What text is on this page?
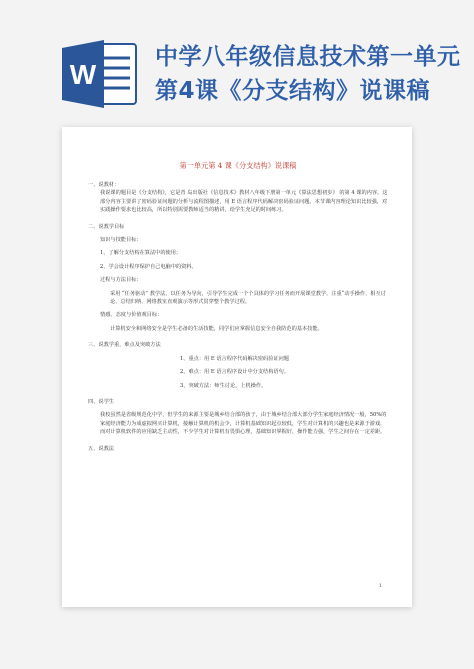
W
中学八年级信息技术第一单元
第4课《分支结构》说课稿
第一单元第 4 课《分支结构》说课稿

一、说教材：

我说课的题目是《分支结构》，它是青 岛出版社《信息技术》教材八年级下册第一单元《算法思想初步》 的第 4 课的内容。这部分内容主要讲了密码验证问题的分析与流程图描述，用 E 语言程序代码解决密码验证问题。本节课内容理论知识比较强，对实践操作要求也比较高，所以特别需要教师适当的精讲，给学生充足的时间练习。

二、说教学目标

知识与技能目标：

1、了解分支结构在算法中的使用；

2、学会设计程序保护自己电脑中的资料。

过程与方法目标：

采用 “任务驱动” 教学法，以任务为导向，引导学生完成一个个具体的学习任务而开展课堂教学，注重“动手操作、相互讨论、总结归纳、网络教室直观演示等形式贯穿整个教学过程。

情感、态度与价值观目标：

计算机安全和网络安全是学生必备的生活技能，同学们应掌握信息安全自我防范的基本技能。

三、说教学重、难点及突破方法

1、重点：用 E 语言程序代码解决密码验证问题

2、难点：用 E 语言程序设计中分支结构语句。

3、突破方法：师生讨论，上机操作。

四、说学生

我校虽然是省级规范化中学，但学生的来源主要是城乡结合部的孩子，由于城乡结合部大部分学生家庭经济情况一般，50%的家庭经济能力为成虚拟网买计算机，接触计算机的机会少，计算机基础知识起点较低，学生对计算机的兴趣也是来源于游戏，而对计算机软件的应用缺乏主动性，不少学生对计算机有畏惧心理，基础知识掌握好，操作能力强，学生之间存在一定差距。

五、说教法

1
